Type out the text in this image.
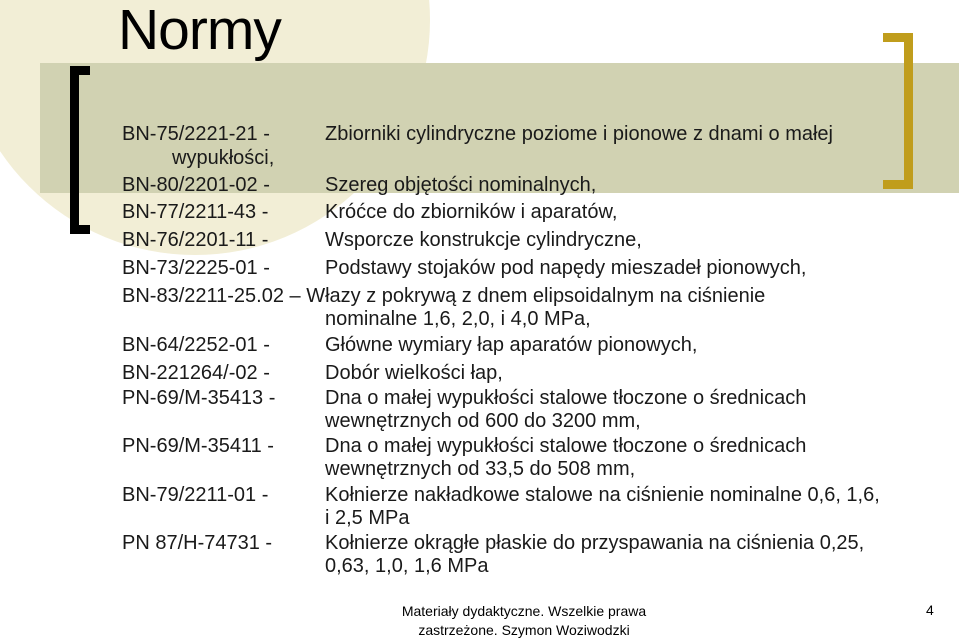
Normy
BN-75/2221-21 -	Zbiorniki cylindryczne poziome i pionowe z dnami o małej
wypukłości,
BN-80/2201-02 -	Szereg objętości nominalnych,
BN-77/2211-43 -	Króćce do zbiorników i aparatów,
BN-76/2201-11 -	Wsporcze konstrukcje cylindryczne,
BN-73/2225-01 -	Podstawy stojaków pod napędy mieszadeł pionowych,
BN-83/2211-25.02 – Włazy z pokrywą z dnem elipsoidalnym na ciśnienie
nominalne 1,6, 2,0, i 4,0 MPa,
BN-64/2252-01 -	Główne wymiary łap aparatów pionowych,
BN-221264/-02 -	Dobór wielkości łap,
PN-69/M-35413 - Dna o małej wypukłości stalowe tłoczone o średnicach
wewnętrznych od 600 do 3200 mm,
PN-69/M-35411 -	Dna o małej wypukłości stalowe tłoczone o średnicach
wewnętrznych od 33,5 do 508 mm,
BN-79/2211-01 -	Kołnierze nakładkowe stalowe na ciśnienie nominalne 0,6, 1,6,
i 2,5 MPa
PN 87/H-74731 -	Kołnierze okrągłe płaskie do przyspawania na ciśnienia 0,25,
0,63, 1,0, 1,6 MPa
Materiały dydaktyczne. Wszelkie prawa zastrzeżone. Szymon Woziwodzki
4
